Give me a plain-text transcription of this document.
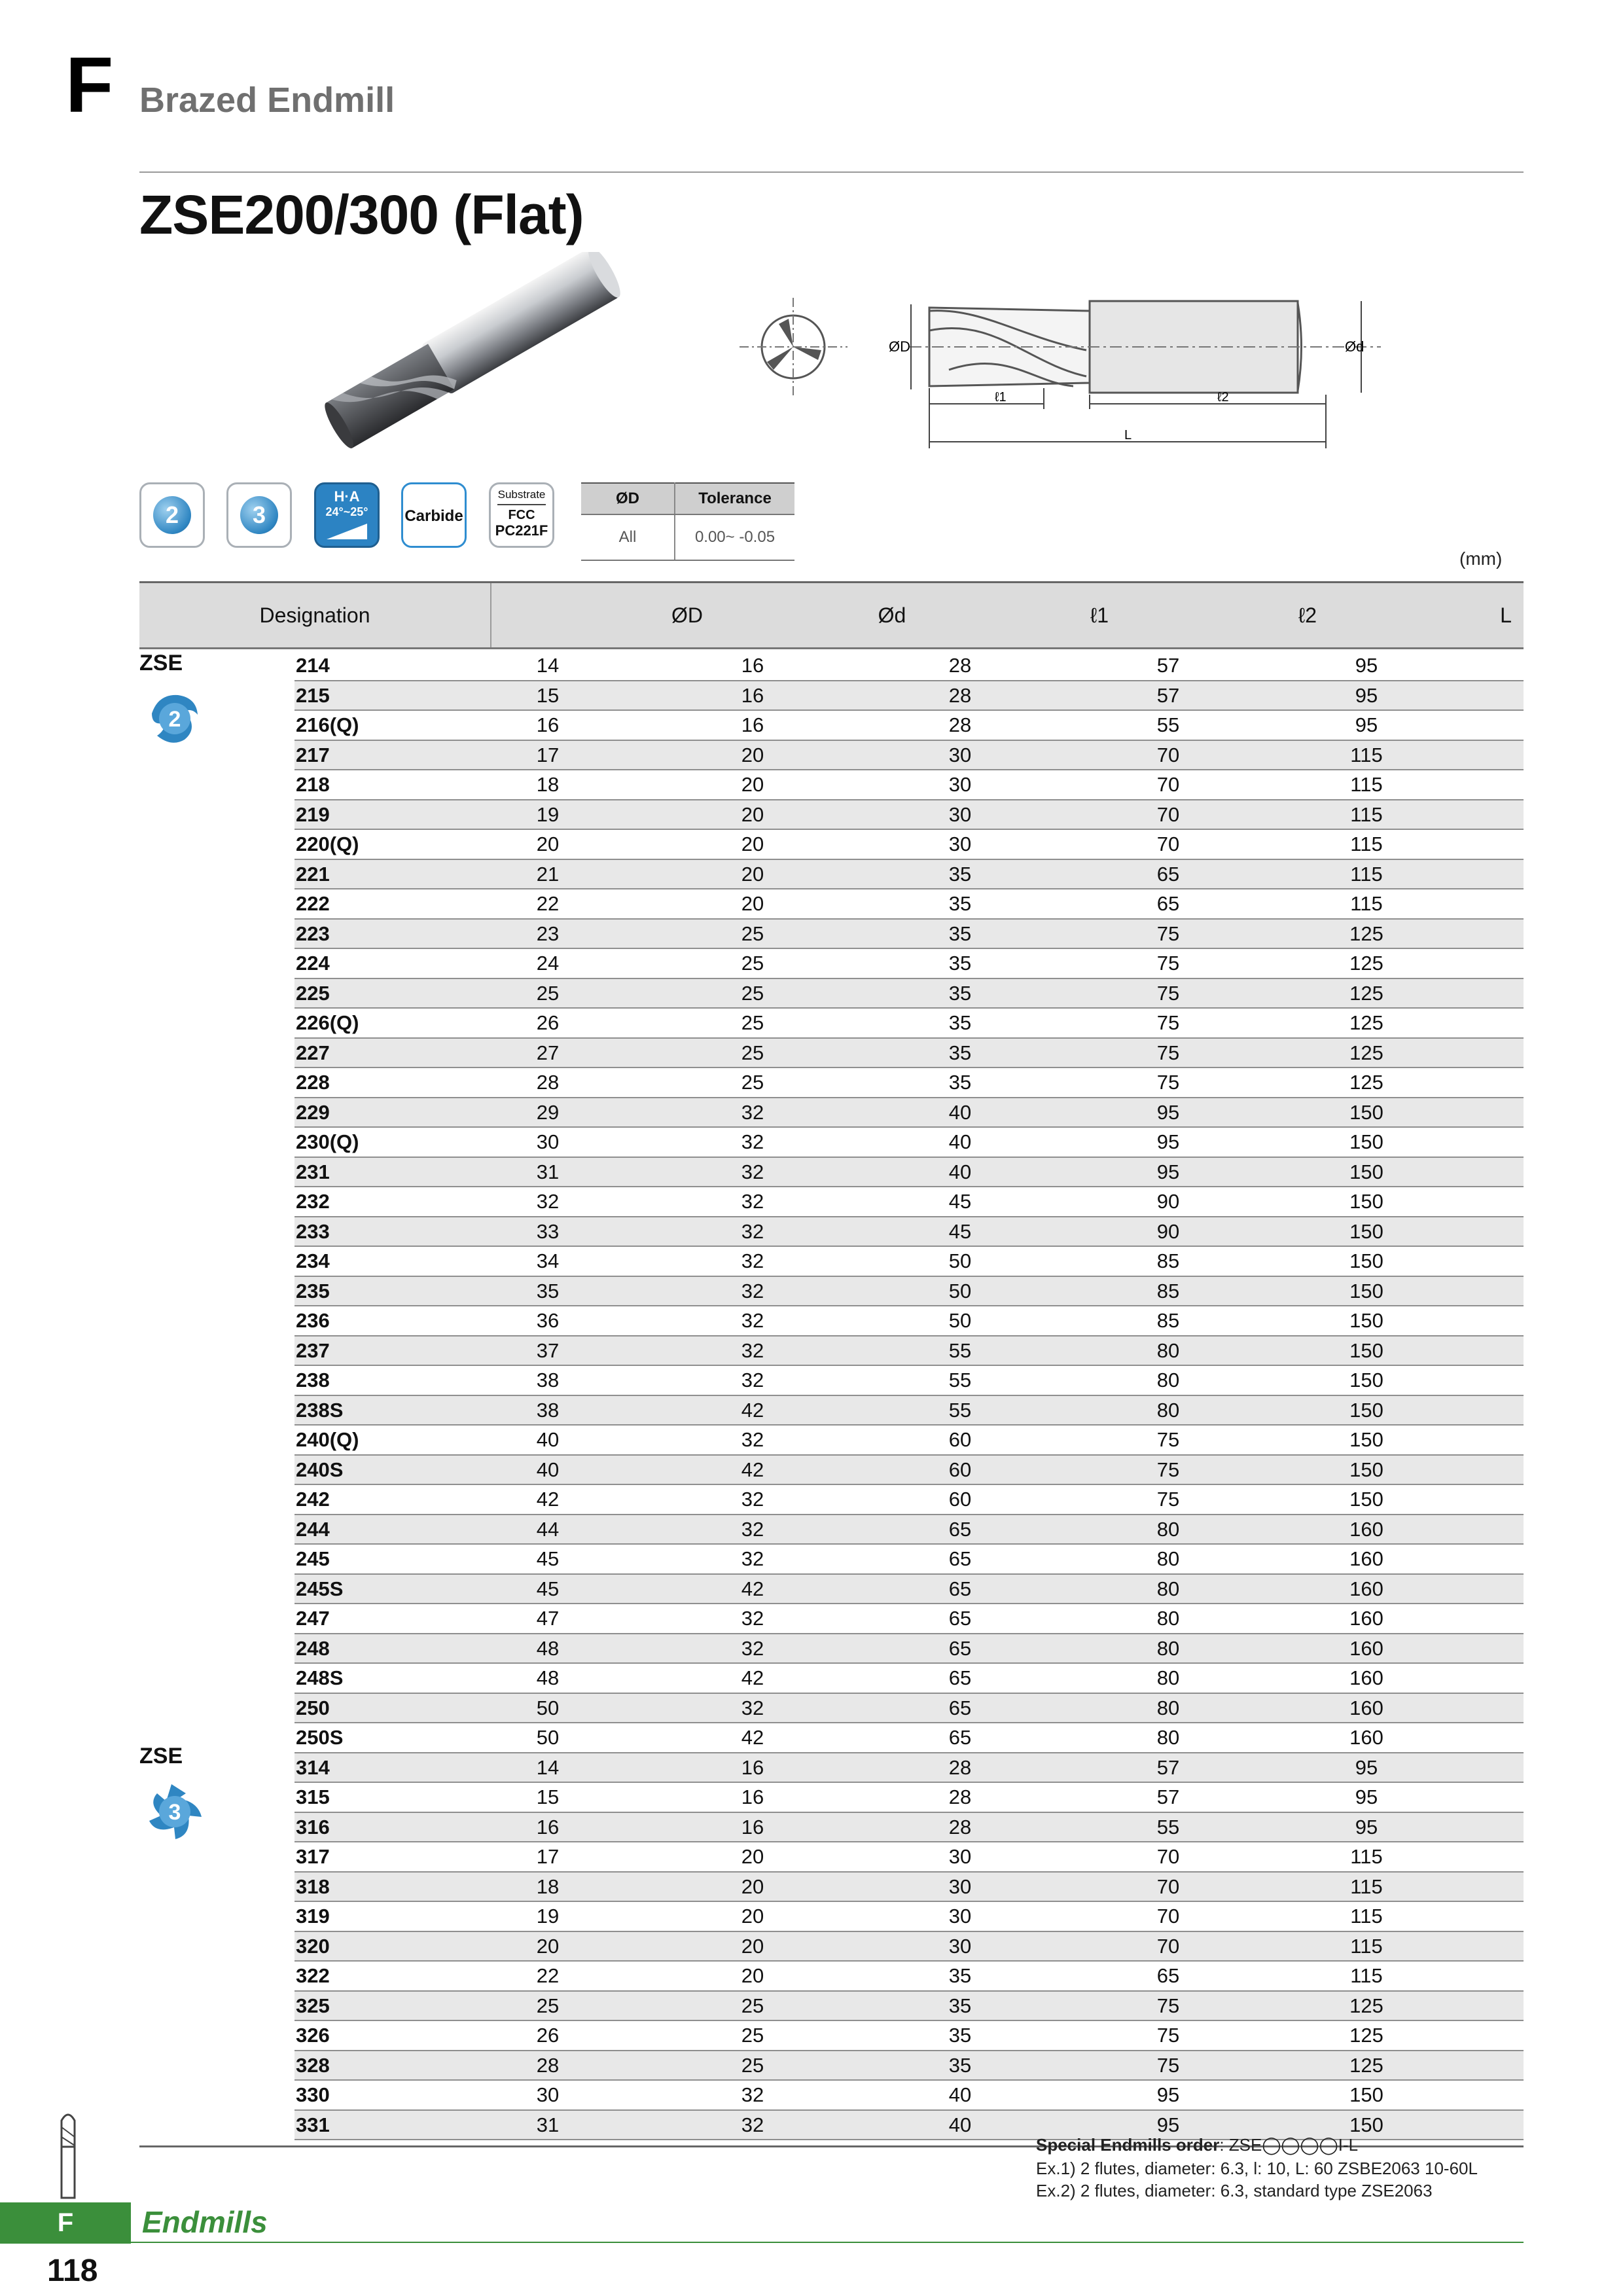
F Brazed Endmill
ZSE200/300 (Flat)
ØD	Ød
ℓ1	ℓ2
L
2	3
H·A
24°~25°	Carbide
Substrate
FCC
PC221F
ØD	Tolerance
All	0.00~ -0.05
(mm)
Designation	ØD	Ød	ℓ1	ℓ2	L
ZSE
2
ZSE
3
214	14	16	28	57	95
215	15	16	28	57	95
216(Q)	16	16	28	55	95
217	17	20	30	70	115
218	18	20	30	70	115
219	19	20	30	70	115
220(Q)	20	20	30	70	115
221	21	20	35	65	115
222	22	20	35	65	115
223	23	25	35	75	125
224	24	25	35	75	125
225	25	25	35	75	125
226(Q)	26	25	35	75	125
227	27	25	35	75	125
228	28	25	35	75	125
229	29	32	40	95	150
230(Q)	30	32	40	95	150
231	31	32	40	95	150
232	32	32	45	90	150
233	33	32	45	90	150
234	34	32	50	85	150
235	35	32	50	85	150
236	36	32	50	85	150
237	37	32	55	80	150
238	38	32	55	80	150
238S	38	42	55	80	150
240(Q)	40	32	60	75	150
240S	40	42	60	75	150
242	42	32	60	75	150
244	44	32	65	80	160
245	45	32	65	80	160
245S	45	42	65	80	160
247	47	32	65	80	160
248	48	32	65	80	160
248S	48	42	65	80	160
250	50	32	65	80	160
250S	50	42	65	80	160
314	14	16	28	57	95
315	15	16	28	57	95
316	16	16	28	55	95
317	17	20	30	70	115
318	18	20	30	70	115
319	19	20	30	70	115
320	20	20	30	70	115
322	22	20	35	65	115
325	25	25	35	75	125
326	26	25	35	75	125
328	28	25	35	75	125
330	30	32	40	95	150
331	31	32	40	95	150
Special Endmills order: ZSE◯◯◯◯I-L
Ex.1) 2 flutes, diameter: 6.3, l: 10, L: 60 ZSBE2063 10-60L
Ex.2) 2 flutes, diameter: 6.3, standard type ZSE2063
F	Endmills
118
